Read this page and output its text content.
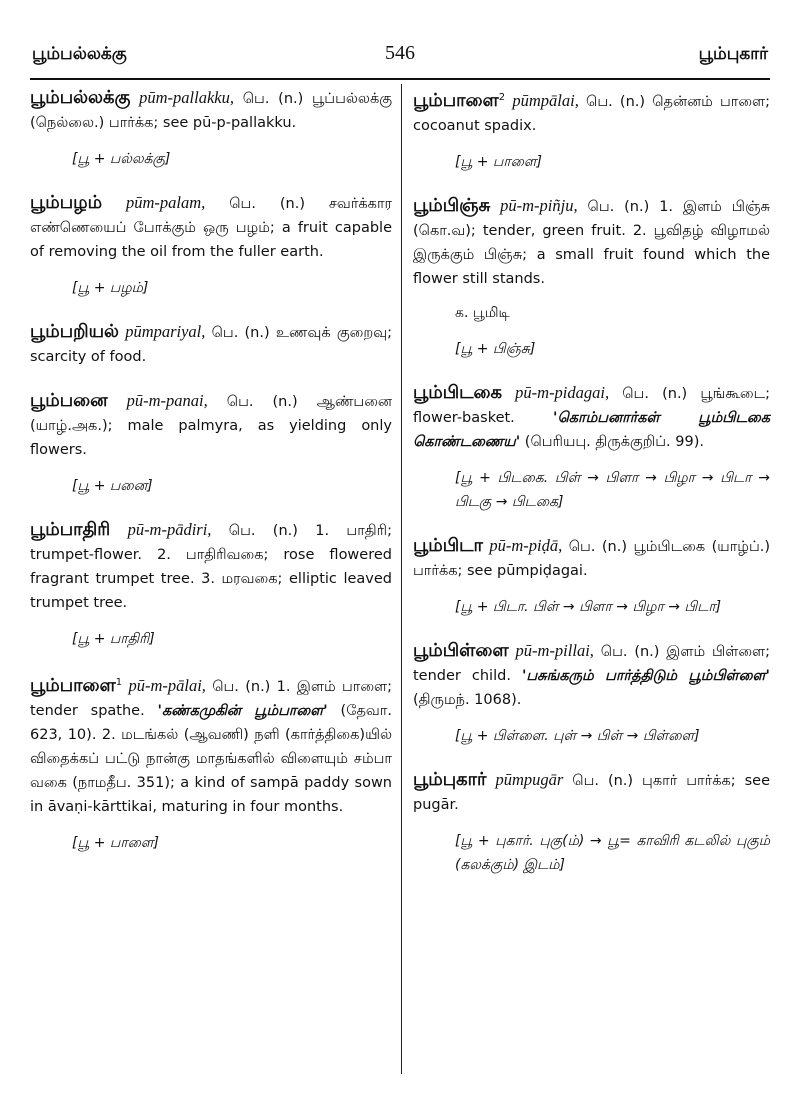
பூம்பல்லக்கு	546	பூம்புகார்
பூம்பல்லக்கு pūm-pallakku, பெ. (n.) பூப்பல்லக்கு (நெல்லை.) பார்க்க; see pū-p-pallakku.
[பூ + பல்லக்கு]
பூம்பழம் pūm-palam, பெ. (n.) சவர்க்கார எண்ணெயைப் போக்கும் ஒரு பழம்; a fruit capable of removing the oil from the fuller earth.
[பூ + பழம்]
பூம்பறியல் pūmpariyal, பெ. (n.) உணவுக் குறைவு; scarcity of food.
பூம்பனை pū-m-panai, பெ. (n.) ஆண்பனை (யாழ்.அக.); male palmyra, as yielding only flowers.
[பூ + பனை]
பூம்பாதிரி pū-m-pādiri, பெ. (n.) 1. பாதிரி; trumpet-flower. 2. பாதிரிவகை; rose flowered fragrant trumpet tree. 3. மரவகை; elliptic leaved trumpet tree.
[பூ + பாதிரி]
பூம்பாளை$^1$ pū-m-pālai, பெ. (n.) 1. இளம் பாளை; tender spathe. 'கண்கமுகின் பூம்பாளை' (தேவா. 623, 10). 2. மடங்கல் (ஆவணி) நளி (கார்த்திகை)யில் விதைக்கப் பட்டு நான்கு மாதங்களில் விளையும் சம்பா வகை (நாமதீப. 351); a kind of sampā paddy sown in āvaṇi-kārttikai, maturing in four months.
[பூ + பாளை]
பூம்பாளை$^2$ pūmpālai, பெ. (n.) தென்னம் பாளை; cocoanut spadix.
[பூ + பாளை]
பூம்பிஞ்சு pū-m-piñju, பெ. (n.) 1. இளம் பிஞ்சு (கொ.வ); tender, green fruit. 2. பூவிதழ் விழாமல் இருக்கும் பிஞ்சு; a small fruit found which the flower still stands.
க. பூமிடி
[பூ + பிஞ்சு]
பூம்பிடகை pū-m-pidagai, பெ. (n.) பூங்கூடை; flower-basket.	'கொம்பனார்கள் பூம்பிடகை கொண்டணைய' (பெரியபு. திருக்குறிப். 99).
[பூ + பிடகை. பிள் → பிளா → பிழா → பிடா → பிடகு → பிடகை]
பூம்பிடா pū-m-piḍā, பெ. (n.) பூம்பிடகை (யாழ்ப்.) பார்க்க; see pūmpiḍagai.
[பூ + பிடா. பிள் → பிளா → பிழா → பிடா]
பூம்பிள்ளை pū-m-pillai, பெ. (n.) இளம் பிள்ளை; tender child. 'பசுங்கரும் பார்த்திடும் பூம்பிள்ளை' (திருமந். 1068).
[பூ + பிள்ளை. புள் → பிள் → பிள்ளை]
பூம்புகார் pūmpugār பெ. (n.) புகார் பார்க்க; see pugār.
[பூ + புகார். புகு(ம்) → பூ= காவிரி கடலில் புகும் (கலக்கும்) இடம்]
